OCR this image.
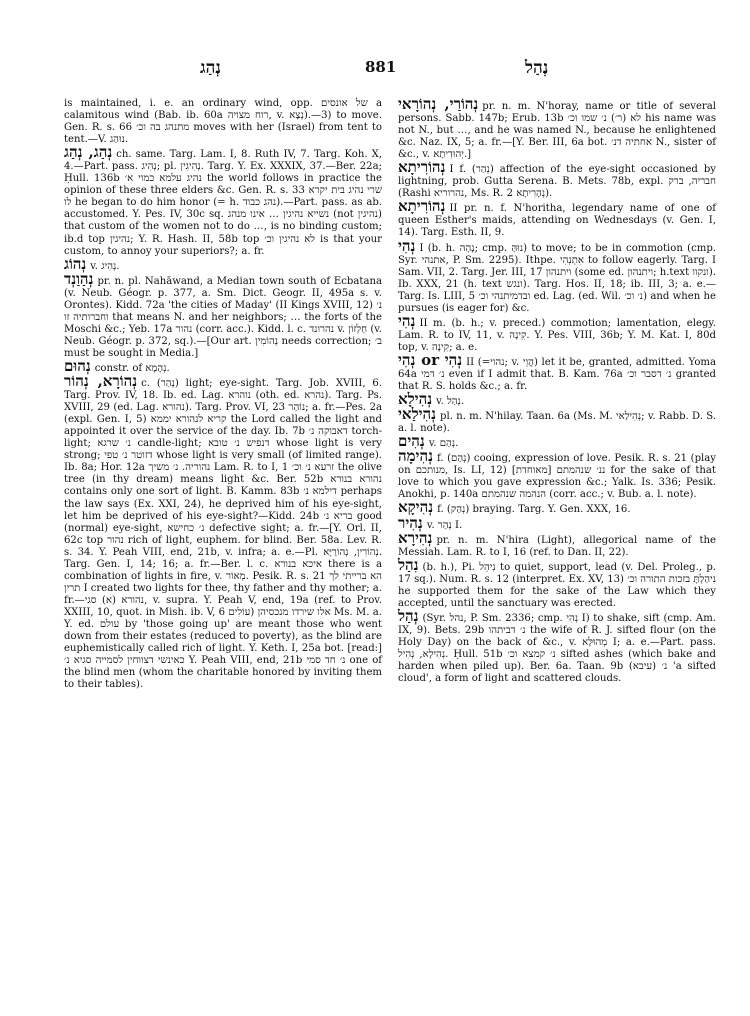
נְהַג	881	נְהַל
is maintained, i. e. an ordinary wind, opp. של אונסים a calamitous wind (Bab. ib. 60a רוח מצויה, v. נְצָא).—3) to move. Gen. R. s. 66 מתנהג בה וכ׳ moves with her (Israel) from tent to tent.—V. נוּהַג.
נְהַג, נְהַג ch. same. Targ. Lam. I, 8. Ruth IV, 7. Targ. Koh. X, 4.—Part. pass. נְהִיג; pl. נְהִיגִין. Targ. Y. Ex. XXXIX, 37.—Ber. 22a; Ḥull. 136b נהיג עלמא כמוי א׳ the world follows in practice the opinion of these three elders &c. Gen. R. s. 33 שרי נהיג בית יקרא לו he began to do him honor (= h. נהג כבוד).—Part. pass. as ab. accustomed. Y. Pes. IV, 30c sq. נשייא נהיגין … אינו מנהג (not נהיגין) that custom of the women not to do …, is no binding custom; ib.d top נהיגין; Y. R. Hash. II, 58b top לא נהיגין וכ׳ is that your custom, to annoy your superiors?; a. fr.
נְהוֹג v. נְהִיג.
נְהַוַנְד pr. n. pl. Nahāwand, a Median town south of Ecbatana (v. Neub. Géogr. p. 377, a. Sm. Dict. Geogr. II, 495a s. v. Orontes). Kidd. 72a 'the cities of Maday' (II Kings XVIII, 12) נ׳ וחברותיה זו that means N. and her neighbors; … the forts of the Moschi &c.; Yeb. 17a נהור (corr. acc.). Kidd. l. c. נהרונד v. חַלְזוֹן (v. Neub. Géogr. p. 372, sq.).—[Our art. נְהוֹמִין needs correction; ב׳ must be sought in Media.]
נְהוּם constr. of נְהָמָא.
נְהוֹרָא, נְהוֹר c. (נְהַר) light; eye-sight. Targ. Job. XVIII, 6. Targ. Prov. IV, 18. Ib. ed. Lag. נוהרא (oth. ed. נהרא). Targ. Ps. XVIII, 29 (ed. Lag. נהורא). Targ. Prov. VI, 23 נוֹהַר; a. fr.—Pes. 2a (expl. Gen. I, 5) קריא לנהורא יממא the Lord called the light and appointed it over the service of the day. Ib. 7b דאבוקה נ׳ torch-light; נ׳ שרגא candle-light; דנפיש נ׳ טובא whose light is very strong; דזוטר נ׳ טפי whose light is very small (of limited range). Ib. 8a; Hor. 12a נהוריה. נ׳ משיך Lam. R. to I, 1 זרעא נ׳ וכ׳ the olive tree (in thy dream) means light &c. Ber. 52b נהורא בנורא contains only one sort of light. B. Kamm. 83b דילמא נ׳ perhaps the law says (Ex. XXI, 24), he deprived him of his eye-sight, let him be deprived of his eye-sight?—Kidd. 24b בריא נ׳ good (normal) eye-sight, נ׳ כחישא defective sight; a. fr.—[Y. Orl. II, 62c top נהור rich of light, euphem. for blind. Ber. 58a. Lev. R. s. 34. Y. Peah VIII, end, 21b, v. infra; a. e.—Pl. נְהוֹרִין, נְהוֹרַיָּא. Targ. Gen. I, 14; 16; a. fr.—Ber. l. c. איכא בנורא there is a combination of lights in fire, v. מְאוֹר. Pesik. R. s. 21 הא ברייתי לך תרין I created two lights for thee, thy father and thy mother; a. fr.—נהורא (א) סגי, v. supra. Y. Peah V, end, 19a (ref. to Prov. XXIII, 10, quot. in Mish. ib. V, 6 עוֹלִים) אלו שירדו מנכסיהן Ms. M. a. Y. ed. עולם by 'those going up' are meant those who went down from their estates (reduced to poverty), as the blind are euphemistically called rich of light. Y. Keth. I, 25a bot. [read:] כאינשי דצווחין לסמייה סגיא נ׳ Y. Peah VIII, end, 21b נ׳ חד סמי one of the blind men (whom the charitable honored by inviting them to their tables).
נְהוֹרַי, נְהוֹרָאי pr. n. m. N'horay, name or title of several persons. Sabb. 147b; Erub. 13b לא (ר׳) נ׳ שמו וכ׳ his name was not N., but …, and he was named N., because he enlightened &c. Naz. IX, 5; a. fr.—[Y. Ber. III, 6a bot. אחתיה דנ׳ N., sister of &c., v. יְהוּדִיתָא.]
נְהוֹרִיתָא I f. (נְהַר) affection of the eye-sight occasioned by lightning, prob. Gutta Serena. B. Mets. 78b, expl. חבריה, ברק (Rashi נהרוריא, Ms. R. 2 נְהָרִיתָא).
נְהוֹרִיתָא II pr. n. f. N'horitha, legendary name of one of queen Esther's maids, attending on Wednesdays (v. Gen. I, 14). Targ. Esth. II, 9.
נְהִי I (b. h. נָהָה; cmp. נוּהַּ) to move; to be in commotion (cmp. Syr. אתנהי, P. Sm. 2295). Ithpe. אִתְנְהִי to follow eagerly. Targ. I Sam. VII, 2. Targ. Jer. III, 17 ויתנהון (some ed. ויתנהון; h.text ונקוו). Ib. XXX, 21 (h. text ונגש). Targ. Hos. II, 18; ib. III, 3; a. e.—Targ. Is. LIII, 5 ובדמיתנהי וכ׳ ed. Lag. (ed. Wil. נ׳ וכ׳) and when he pursues (is eager for) &c.
נְהִי II m. (b. h.; v. preced.) commotion; lamentation, elegy. Lam. R. to IV, 11, v. קִינָה. Y. Pes. VIII, 36b; Y. M. Kat. I, 80d top, v. קִינָה; a. e.
נְהִי or נְהִי II (=נהוי; v. הֲוֵי) let it be, granted, admitted. Yoma 64a נ׳ דמי even if I admit that. B. Kam. 76a נ׳ דסבר וכ׳ granted that R. S. holds &c.; a. fr.
נְהִילָא v. נְהַל.
נְהִילַאי pl. n. m. N'hilay. Taan. 6a (Ms. M. נְהִילַאי; v. Rabb. D. S. a. l. note).
נְהִים v. נְהַם.
נְהִימָה f. (נְהַם) cooing, expression of love. Pesik. R. s. 21 (play on מנותכם, Is. LI, 12) [מאוחדת] ננ׳ שנהמתם for the sake of that love to which you gave expression &c.; Yalk. Is. 336; Pesik. Anokhi, p. 140a הנהמה שנהמתם (corr. acc.; v. Bub. a. l. note).
נְהִיקָא f. (נְהַק) braying. Targ. Y. Gen. XXX, 16.
נְהִיר v. נְהַר I.
נְהִירָא pr. n. m. N'hira (Light), allegorical name of the Messiah. Lam. R. to I, 16 (ref. to Dan. II, 22).
נִהַל (b. h.), Pi. נִיהֵל to quiet, support, lead (v. Del. Proleg., p. 17 sq.). Num. R. s. 12 (interpret. Ex. XV, 13) נִיהַלְתָּ בזכות התורה וכ׳ he supported them for the sake of the Law which they accepted, until the sanctuary was erected.
נְהַל (Syr. נהל, P. Sm. 2336; cmp. נְהִי I) to shake, sift (cmp. Am. IX, 9). Bets. 29b נ׳ דביתהו the wife of R. J. sifted flour (on the Holy Day) on the back of &c., v. מְהוּלָּא I; a. e.—Part. pass. נְהִילָא, נְהִיל. Ḥull. 51b נ׳ קמצא וכ׳ sifted ashes (which bake and harden when piled up). Ber. 6a. Taan. 9b (עיבא) נ׳ 'a sifted cloud', a form of light and scattered clouds.
